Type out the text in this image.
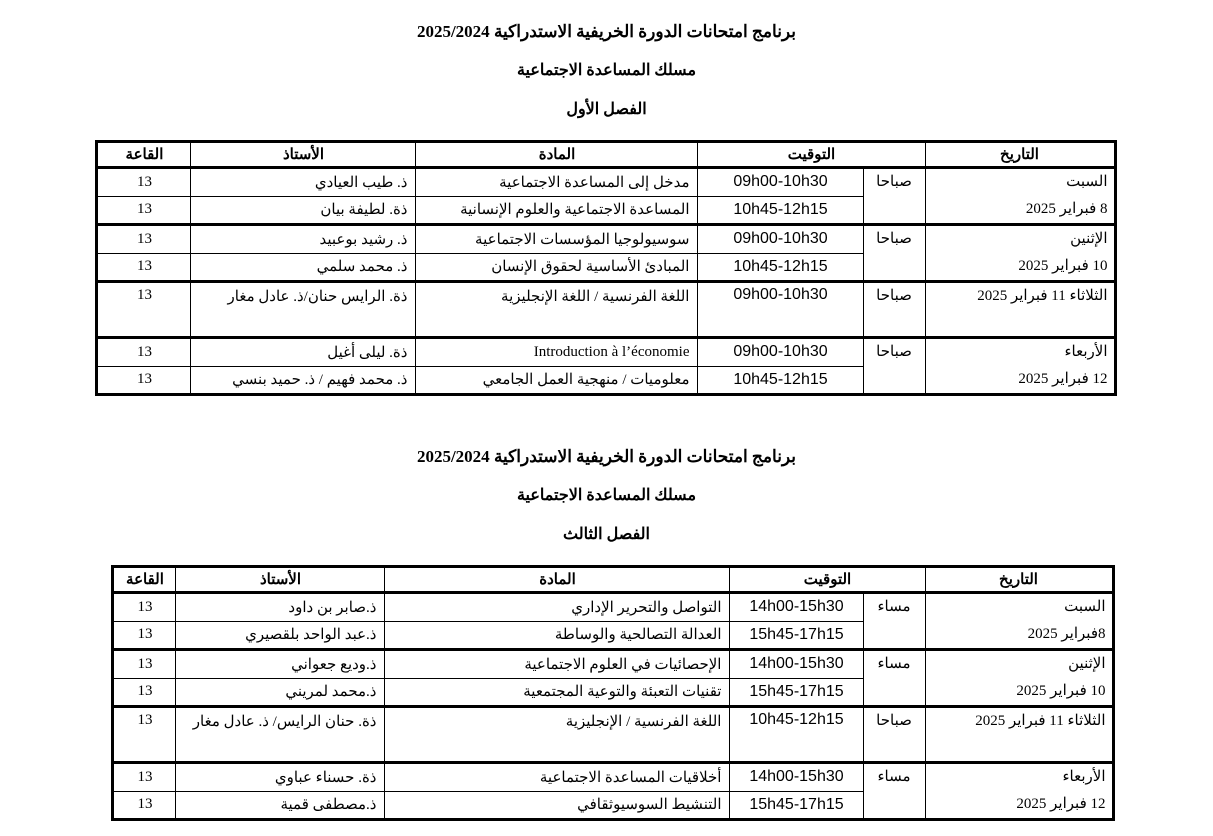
برنامج امتحانات الدورة الخريفية الاستدراكية 2025/2024
مسلك المساعدة الاجتماعية
الفصل الأول
التاريخ	التوقيت		المادة	الأستاذ	القاعة

السبت
8 فبراير 2025	صباحا	09h00-10h30	مدخل إلى المساعدة الاجتماعية	ذ. طيب العيادي	13
		10h45-12h15	المساعدة الاجتماعية والعلوم الإنسانية	ذة. لطيفة بيان	13

الإثنين
10 فبراير 2025	صباحا	09h00-10h30	سوسيولوجيا المؤسسات الاجتماعية	ذ. رشيد بوعبيد	13
		10h45-12h15	المبادئ الأساسية لحقوق الإنسان	ذ. محمد سلمي	13

الثلاثاء 11 فبراير 2025	صباحا	09h00-10h30	اللغة الفرنسية / اللغة الإنجليزية	ذة. الرايس حنان/ذ. عادل مغار	13

الأربعاء
12 فبراير 2025	صباحا	09h00-10h30	Introduction à l’économie	ذة. ليلى أغيل	13
		10h45-12h15	معلوميات / منهجية العمل الجامعي	ذ. محمد فهيم / ذ. حميد بنسي	13
برنامج امتحانات الدورة الخريفية الاستدراكية 2025/2024
مسلك المساعدة الاجتماعية
الفصل الثالث
التاريخ	التوقيت		المادة	الأستاذ	القاعة

السبت
8فبراير 2025	مساء	14h00-15h30	التواصل والتحرير الإداري	ذ.صابر بن داود	13
		15h45-17h15	العدالة التصالحية والوساطة	ذ.عبد الواحد بلقصيري	13

الإثنين
10 فبراير 2025	مساء	14h00-15h30	الإحصائيات في العلوم الاجتماعية	ذ.وديع جعواني	13
		15h45-17h15	تقنيات التعبئة والتوعية المجتمعية	ذ.محمد لمريني	13

الثلاثاء 11 فبراير 2025	صباحا	10h45-12h15	اللغة الفرنسية / الإنجليزية	ذة. حنان الرايس/ ذ. عادل مغار	13

الأربعاء
12 فبراير 2025	مساء	14h00-15h30	أخلاقيات المساعدة الاجتماعية	ذة. حسناء عباوي	13
		15h45-17h15	التنشيط السوسيوثقافي	ذ.مصطفى قمية	13
